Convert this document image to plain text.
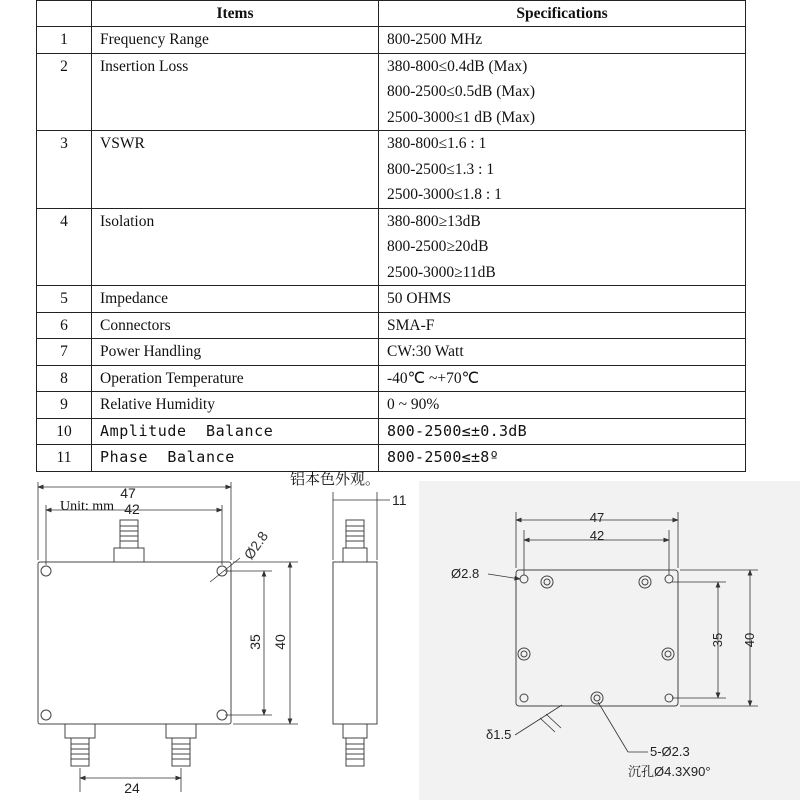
	Items	Specifications

1	Frequency Range	800-2500 MHz

2	Insertion Loss	380-800≤0.4dB (Max)
800-2500≤0.5dB (Max)
2500-3000≤1 dB (Max)

3	VSWR	380-800≤1.6 : 1
800-2500≤1.3 : 1
2500-3000≤1.8 : 1

4	Isolation	380-800≥13dB
800-2500≥20dB
2500-3000≥11dB

5	Impedance	50 OHMS

6	Connectors	SMA-F

7	Power Handling	CW:30 Watt

8	Operation Temperature	-40℃ ~+70℃

9	Relative Humidity	0 ~ 90%

10	Amplitude  Balance	800-2500≤±0.3dB

11	Phase  Balance	800-2500≤±8º
铝本色外观。
Unit: mm
47
42
Ø2.8
35 40
24
11
47
42
Ø2.8
35 40
δ1.5
5-Ø2.3
沉孔Ø4.3X90°
